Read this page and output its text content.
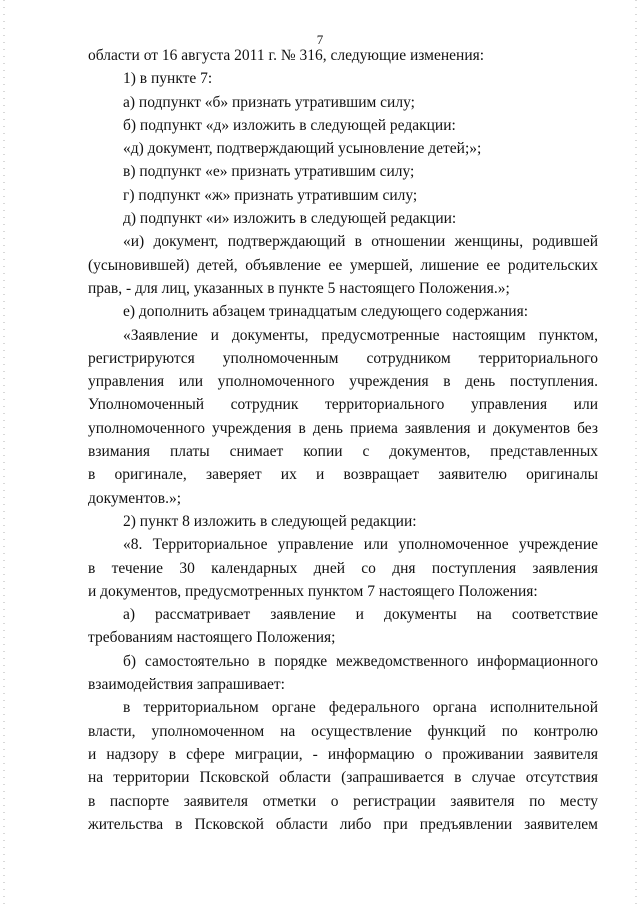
7
области от 16 августа 2011 г. № 316, следующие изменения:
1) в пункте 7:
а) подпункт «б» признать утратившим силу;
б) подпункт «д» изложить в следующей редакции:
«д) документ, подтверждающий усыновление детей;»;
в) подпункт «е» признать утратившим силу;
г) подпункт «ж» признать утратившим силу;
д) подпункт «и» изложить в следующей редакции:
«и) документ, подтверждающий в отношении женщины, родившей
(усыновившей) детей, объявление ее умершей, лишение ее родительских
прав, - для лиц, указанных в пункте 5 настоящего Положения.»;
е) дополнить абзацем тринадцатым следующего содержания:
«Заявление и документы, предусмотренные настоящим пунктом,
регистрируются уполномоченным сотрудником территориального
управления или уполномоченного учреждения в день поступления.
Уполномоченный сотрудник территориального управления или
уполномоченного учреждения в день приема заявления и документов без
взимания платы снимает копии с документов, представленных
в оригинале, заверяет их и возвращает заявителю оригиналы
документов.»;
2) пункт 8 изложить в следующей редакции:
«8. Территориальное управление или уполномоченное учреждение
в течение 30 календарных дней со дня поступления заявления
и документов, предусмотренных пунктом 7 настоящего Положения:
а) рассматривает заявление и документы на соответствие
требованиям настоящего Положения;
б) самостоятельно в порядке межведомственного информационного
взаимодействия запрашивает:
в территориальном органе федерального органа исполнительной
власти, уполномоченном на осуществление функций по контролю
и надзору в сфере миграции, - информацию о проживании заявителя
на территории Псковской области (запрашивается в случае отсутствия
в паспорте заявителя отметки о регистрации заявителя по месту
жительства в Псковской области либо при предъявлении заявителем
